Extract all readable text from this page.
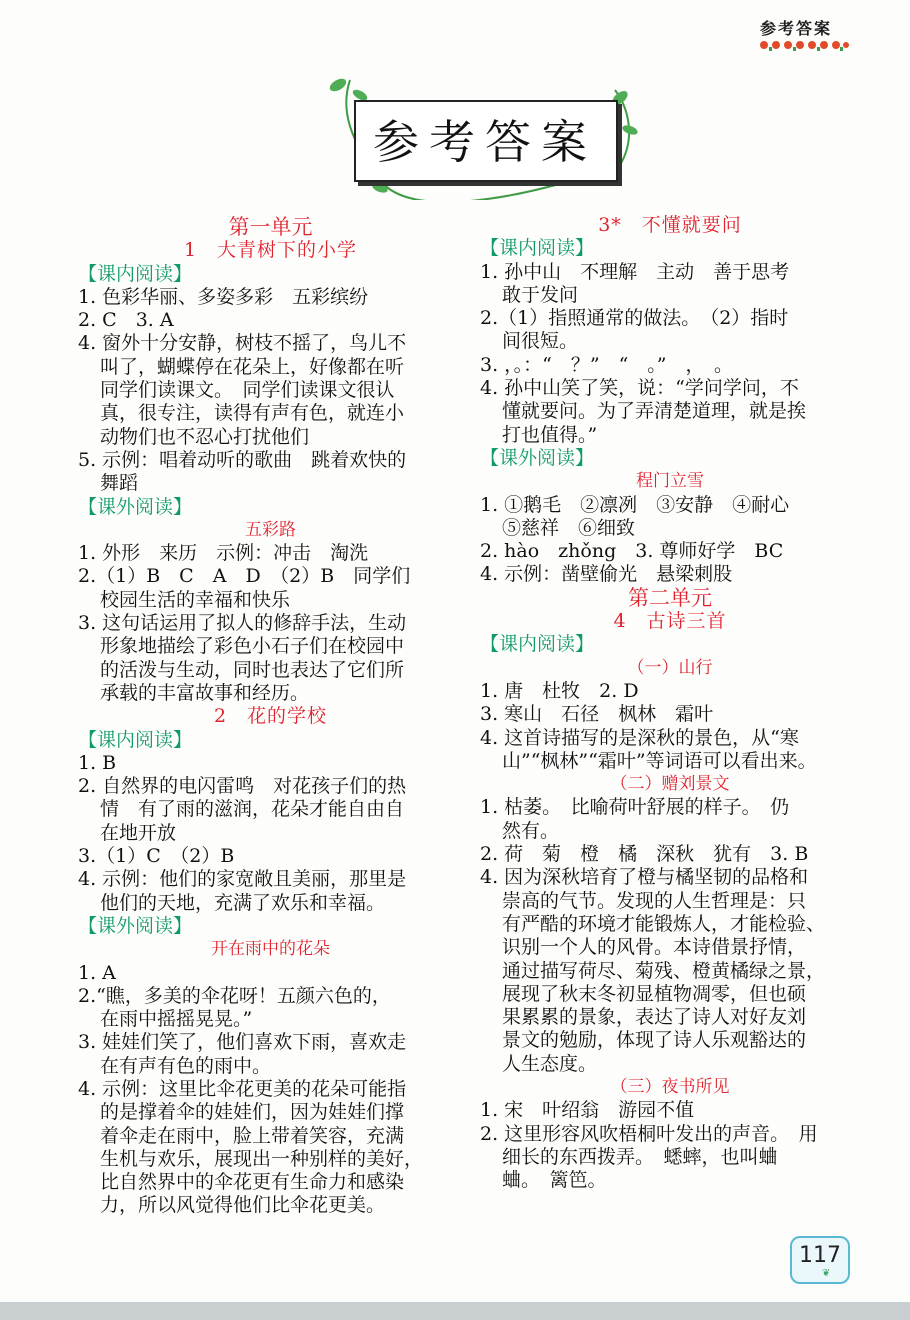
参考答案
参考答案
第一单元
1　大青树下的小学
【课内阅读】
1. 色彩华丽、多姿多彩　五彩缤纷
2. C　3. A
4. 窗外十分安静，树枝不摇了，鸟儿不
叫了，蝴蝶停在花朵上，好像都在听
同学们读课文。　同学们读课文很认
真，很专注，读得有声有色，就连小
动物们也不忍心打扰他们
5. 示例：唱着动听的歌曲　跳着欢快的
舞蹈
【课外阅读】
五彩路
1. 外形　来历　示例：冲击　淘洗
2.（1）B　C　A　D　（2）B　同学们
校园生活的幸福和快乐
3. 这句话运用了拟人的修辞手法，生动
形象地描绘了彩色小石子们在校园中
的活泼与生动，同时也表达了它们所
承载的丰富故事和经历。
2　花的学校
【课内阅读】
1. B
2. 自然界的电闪雷鸣　对花孩子们的热
情　有了雨的滋润，花朵才能自由自
在地开放
3.（1）C　（2）B
4. 示例：他们的家宽敞且美丽，那里是
他们的天地，充满了欢乐和幸福。
【课外阅读】
开在雨中的花朵
1. A
2.“瞧，多美的伞花呀！五颜六色的，
在雨中摇摇晃晃。”
3. 娃娃们笑了，他们喜欢下雨，喜欢走
在有声有色的雨中。
4. 示例：这里比伞花更美的花朵可能指
的是撑着伞的娃娃们，因为娃娃们撑
着伞走在雨中，脸上带着笑容，充满
生机与欢乐，展现出一种别样的美好，
比自然界中的伞花更有生命力和感染
力，所以风觉得他们比伞花更美。
3*　不懂就要问
【课内阅读】
1. 孙中山　不理解　主动　善于思考
敢于发问
2.（1）指照通常的做法。　（2）指时
间很短。
3. ，。：“　？”　“　。”　，　。
4. 孙中山笑了笑，说：“学问学问，不
懂就要问。为了弄清楚道理，就是挨
打也值得。”
【课外阅读】
程门立雪
1. ①鹅毛　②凛冽　③安静　④耐心
⑤慈祥　⑥细致
2. hào　zhǒng　3. 尊师好学　BC
4. 示例：凿壁偷光　悬梁刺股
第二单元
4　古诗三首
【课内阅读】
（一）山行
1. 唐　杜牧　2. D
3. 寒山　石径　枫林　霜叶
4. 这首诗描写的是深秋的景色，从“寒
山”“枫林”“霜叶”等词语可以看出来。
（二）赠刘景文
1. 枯萎。　比喻荷叶舒展的样子。　仍
然有。
2. 荷　菊　橙　橘　深秋　犹有　3. B
4. 因为深秋培育了橙与橘坚韧的品格和
崇高的气节。发现的人生哲理是：只
有严酷的环境才能锻炼人，才能检验、
识别一个人的风骨。本诗借景抒情，
通过描写荷尽、菊残、橙黄橘绿之景，
展现了秋末冬初显植物凋零，但也硕
果累累的景象，表达了诗人对好友刘
景文的勉励，体现了诗人乐观豁达的
人生态度。
（三）夜书所见
1. 宋　叶绍翁　游园不值
2. 这里形容风吹梧桐叶发出的声音。　用
细长的东西拨弄。　蟋蟀，也叫蛐
蛐。　篱笆。
117
❦
